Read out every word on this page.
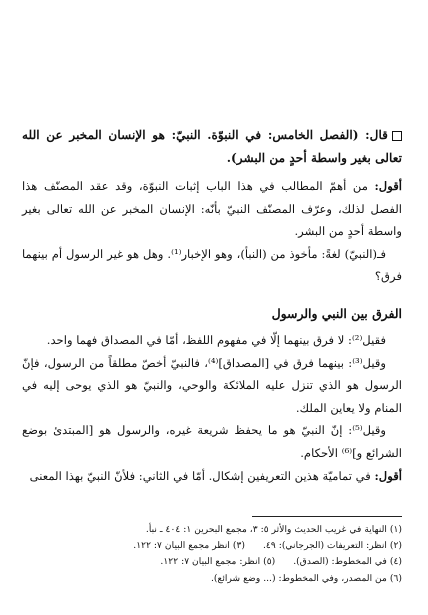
قال: (الفصل الخامس: في النبوّة. النبيّ: هو الإنسان المخبر عن الله تعالى بغير واسطة أحدٍ من البشر).

أقول: من أهمّ المطالب في هذا الباب إثبات النبوّة، وقد عقد المصنّف هذا الفصل لذلك، وعرّف المصنّف النبيّ بأنّه: الإنسان المخبر عن الله تعالى بغير واسطة أحدٍ من البشر.

فـ(النبيّ) لغةً: مأخوذ من (النبأ)، وهو الإخبار⁽¹⁾. وهل هو غير الرسول أم بينهما فرق؟

الفرق بين النبي والرسول

فقيل⁽²⁾: لا فرق بينهما إلّا في مفهوم اللفظ، أمّا في المصداق فهما واحد.

وقيل⁽³⁾: بينهما فرق في [المصداق]⁽⁴⁾، فالنبيّ أخصّ مطلقاً من الرسول، فإنّ الرسول هو الذي تنزل عليه الملائكة والوحي، والنبيّ هو الذي يوحى إليه في المنام ولا يعاين الملك.

وقيل⁽⁵⁾: إنّ النبيّ هو ما يحفظ شريعة غيره، والرسول هو [المبتدئ بوضع الشرائع و]⁽⁶⁾ الأحكام.

أقول: في تماميّة هذين التعريفين إشكال. أمّا في الثاني: فلأنّ النبيّ بهذا المعنى

(١) النهاية في غريب الحديث والأثر ٥: ٣، مجمع البحرين ١: ٤٠٤ ـ نبأ.
(٢) انظر: التعريفات (الجرجاني): ٤٩.
(٣) انظر مجمع البيان ٧: ١٢٢.
(٤) في المخطوط: (الصدق).
(٥) انظر: مجمع البيان ٧: ١٢٢.
(٦) من المصدر، وفي المخطوط: (... وضع شرائع).
